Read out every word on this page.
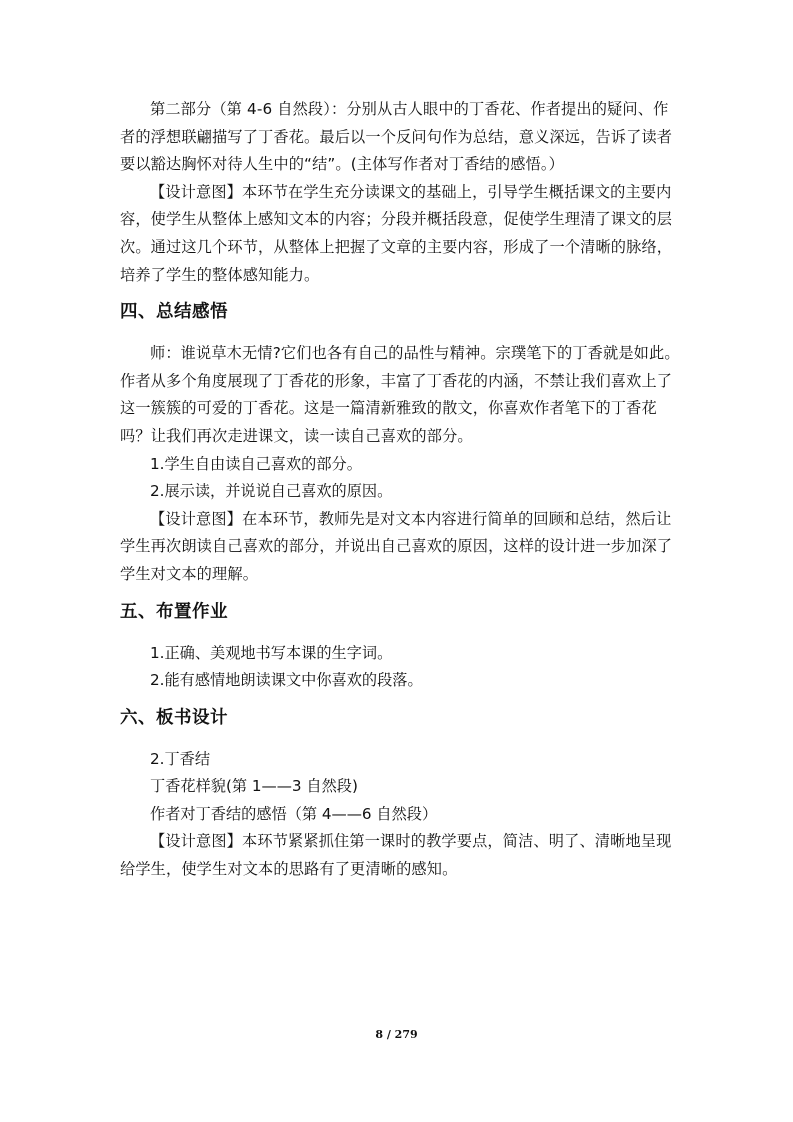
第二部分（第 4-6 自然段）：分别从古人眼中的丁香花、作者提出的疑问、作者的浮想联翩描写了丁香花。最后以一个反问句作为总结，意义深远，告诉了读者要以豁达胸怀对待人生中的“结”。(主体写作者对丁香结的感悟。）

【设计意图】本环节在学生充分读课文的基础上，引导学生概括课文的主要内容，使学生从整体上感知文本的内容；分段并概括段意，促使学生理清了课文的层次。通过这几个环节，从整体上把握了文章的主要内容，形成了一个清晰的脉络，培养了学生的整体感知能力。

四、总结感悟

师：谁说草木无情?它们也各有自己的品性与精神。宗璞笔下的丁香就是如此。作者从多个角度展现了丁香花的形象，丰富了丁香花的内涵，不禁让我们喜欢上了这一簇簇的可爱的丁香花。这是一篇清新雅致的散文，你喜欢作者笔下的丁香花吗？让我们再次走进课文，读一读自己喜欢的部分。

1.学生自由读自己喜欢的部分。

2.展示读，并说说自己喜欢的原因。

【设计意图】在本环节，教师先是对文本内容进行简单的回顾和总结，然后让学生再次朗读自己喜欢的部分，并说出自己喜欢的原因，这样的设计进一步加深了学生对文本的理解。

五、布置作业

1.正确、美观地书写本课的生字词。

2.能有感情地朗读课文中你喜欢的段落。

六、板书设计

2.丁香结

丁香花样貌(第 1——3 自然段)

作者对丁香结的感悟（第 4——6 自然段）

【设计意图】本环节紧紧抓住第一课时的教学要点，简洁、明了、清晰地呈现给学生，使学生对文本的思路有了更清晰的感知。

8 / 279
